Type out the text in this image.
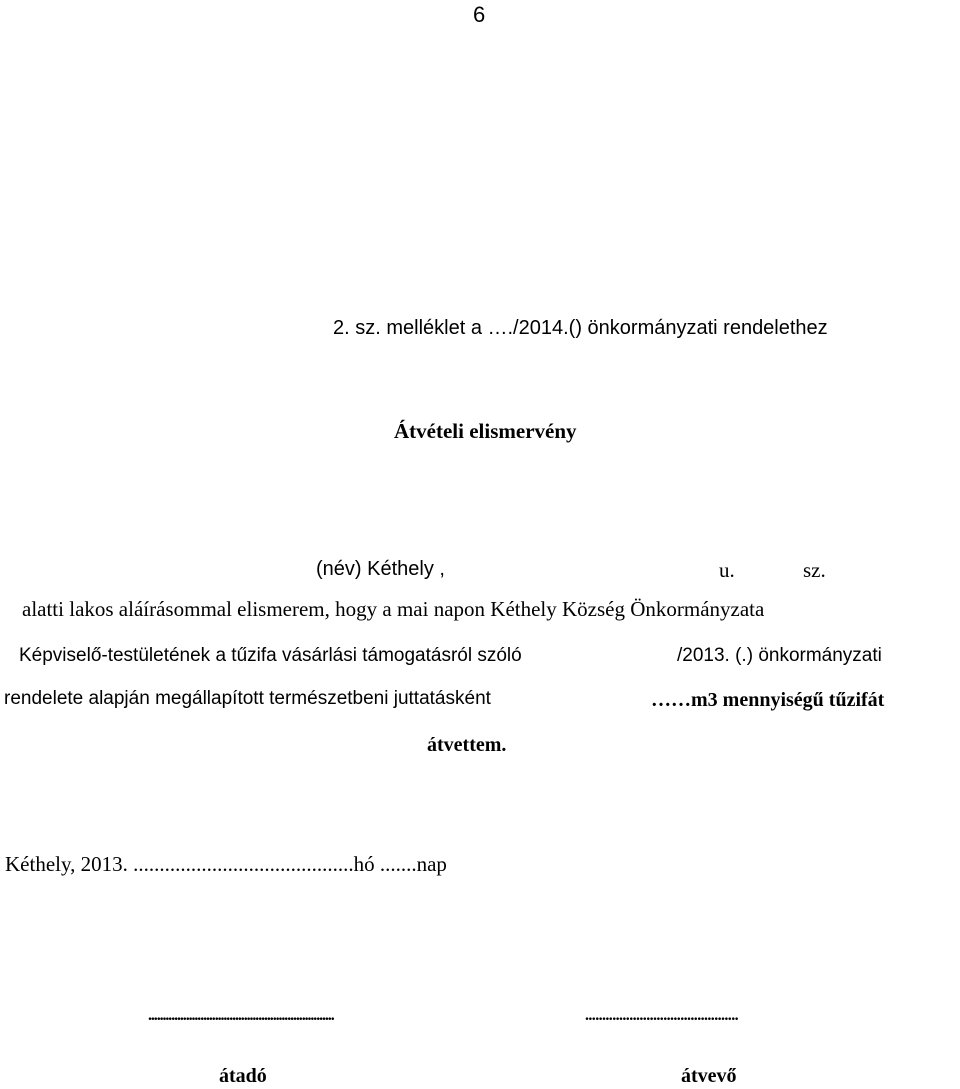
6
2. sz. melléklet a …./2014.() önkormányzati rendelethez
Átvételi elismervény
(név) Kéthely ,	u.	sz.
alatti lakos aláírásommal elismerem, hogy a mai napon Kéthely Község Önkormányzata
Képviselő-testületének a tűzifa vásárlási támogatásról szóló	/2013. (.) önkormányzati
rendelete alapján megállapított természetbeni juttatásként	……m3 mennyiségű tűzifát
átvettem.
Kéthely, 2013. ..........................................hó .......nap
................................................................	.............................................
átadó	átvevő
